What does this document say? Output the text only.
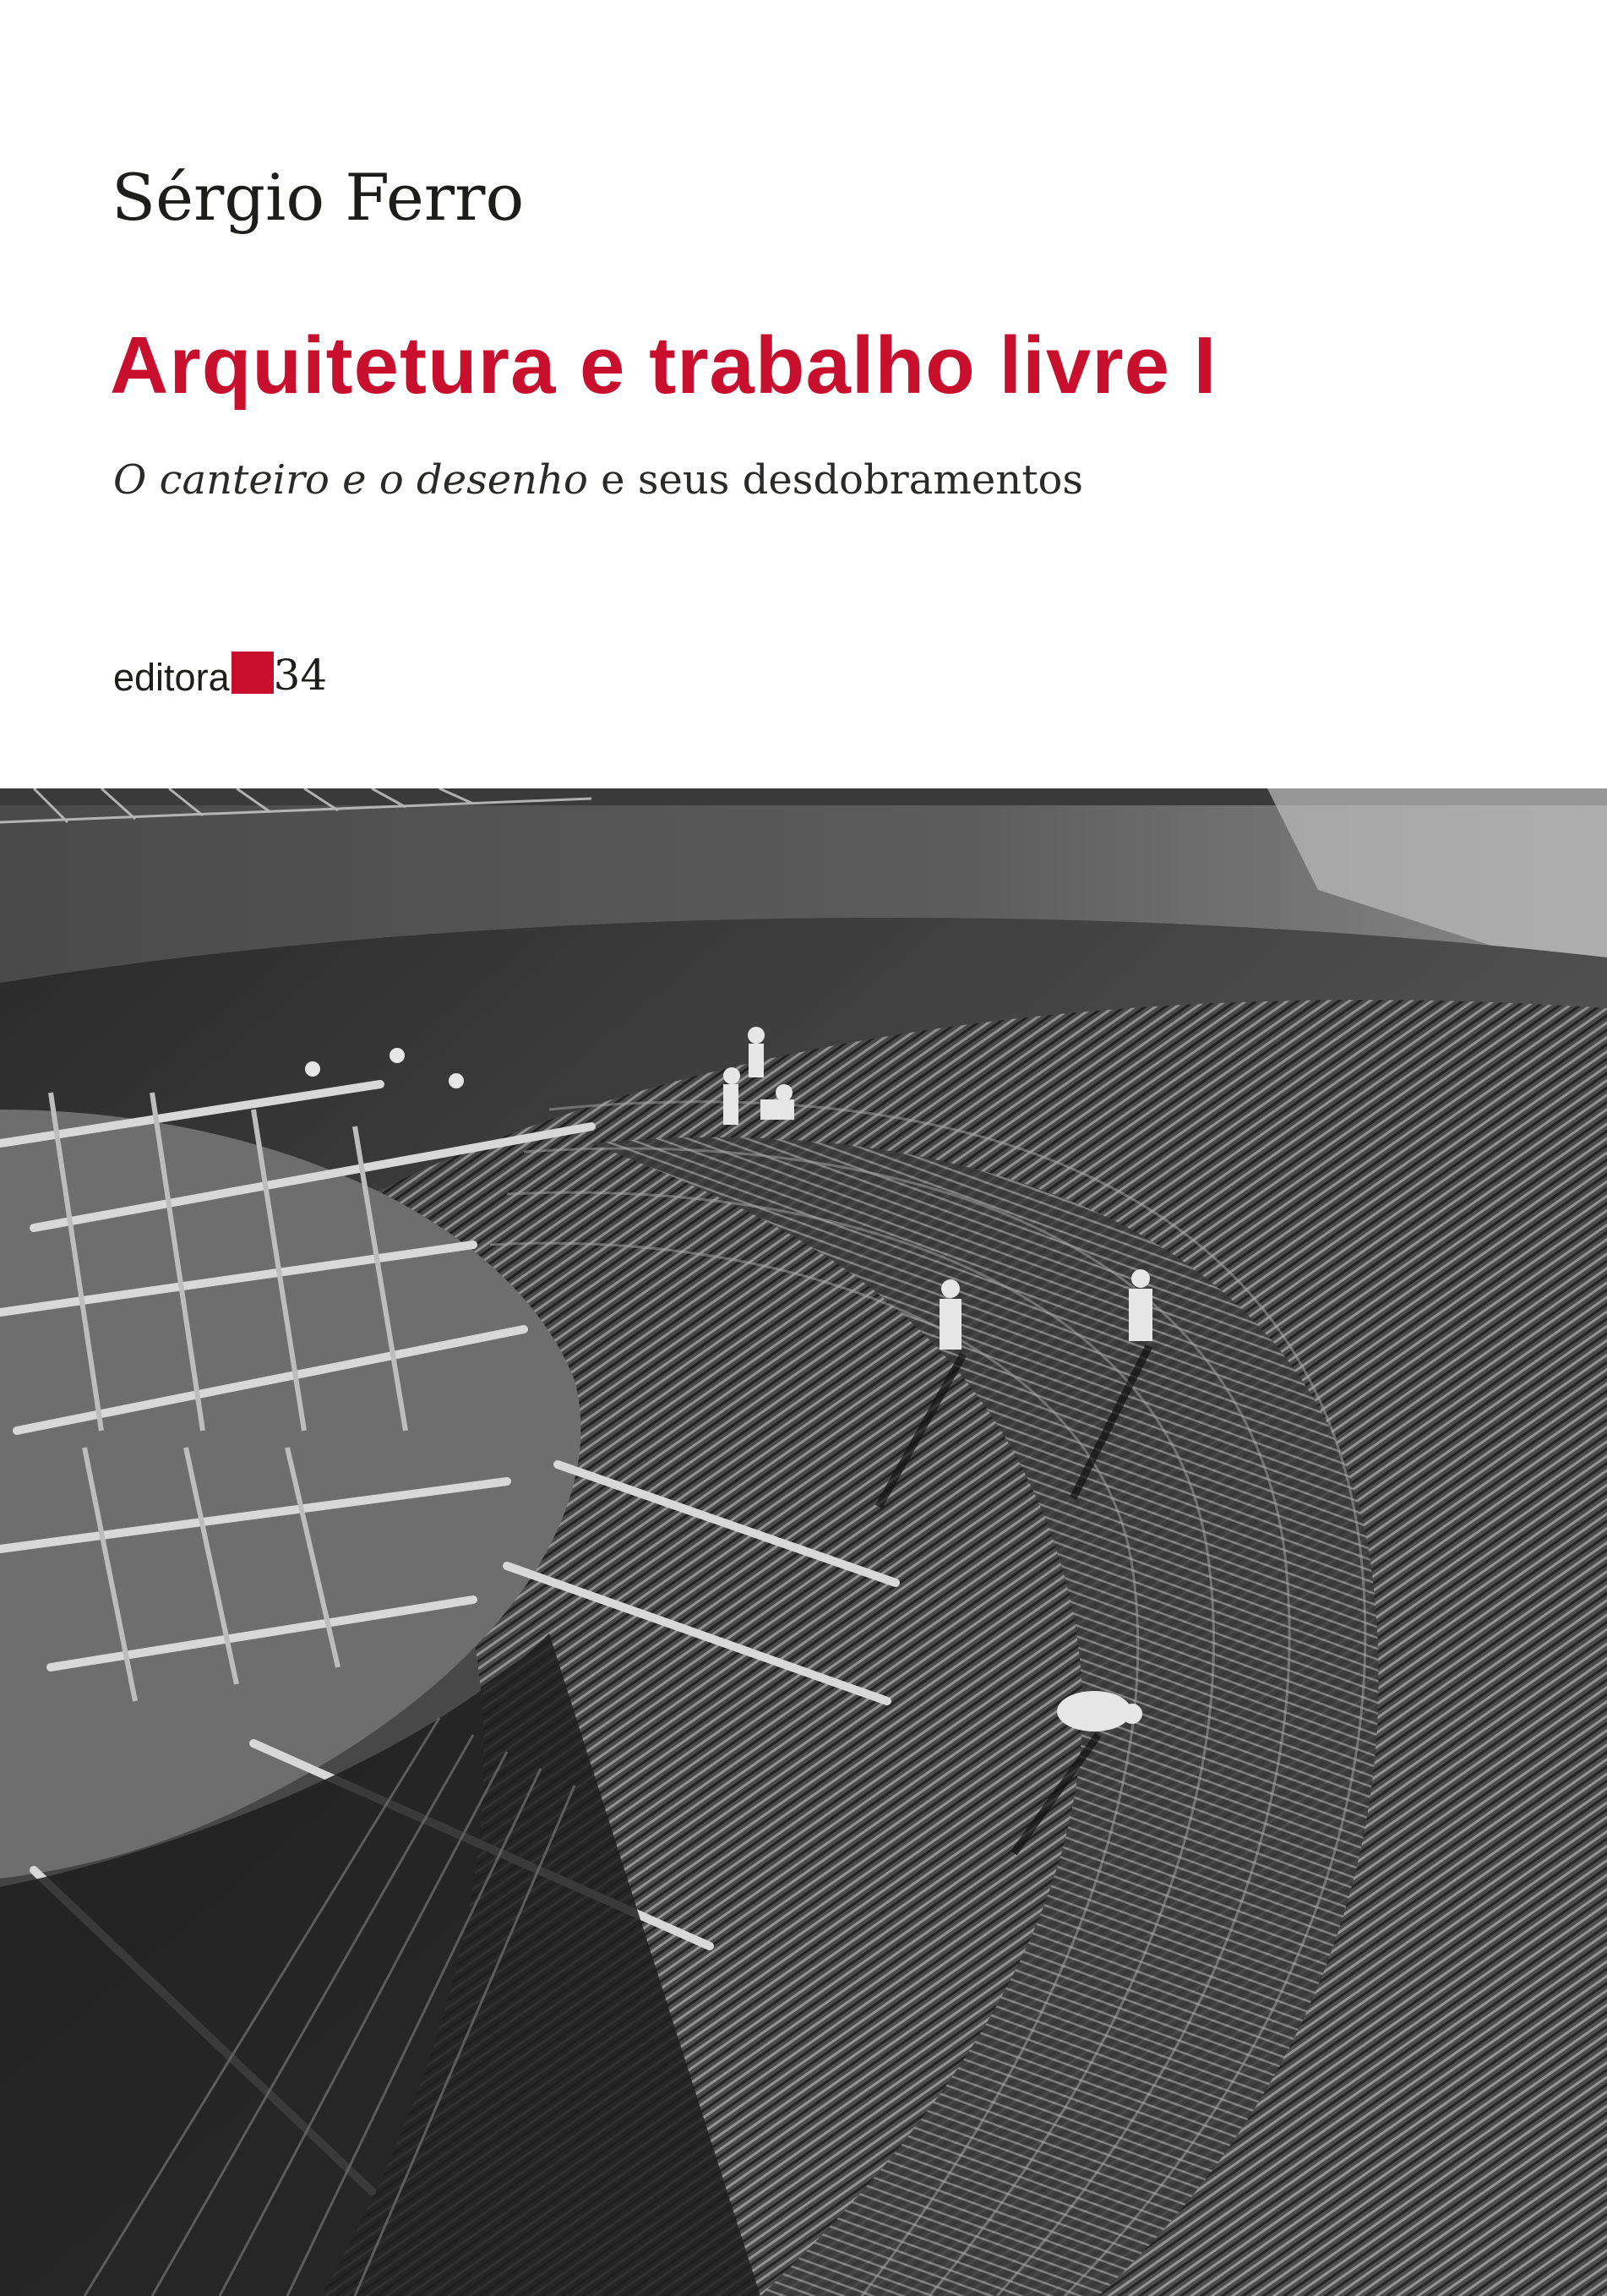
Sérgio Ferro
Arquitetura e trabalho livre I

O canteiro e o desenho e seus desdobramentos

editora 34
